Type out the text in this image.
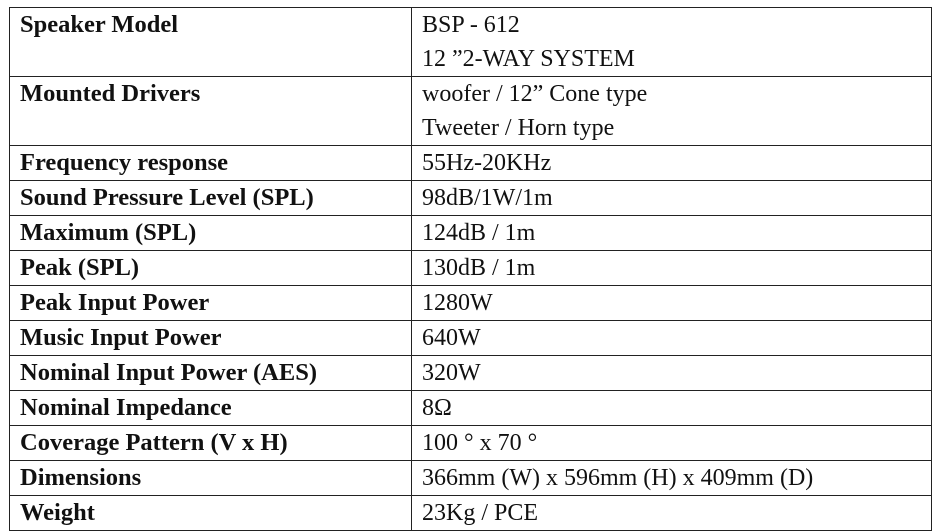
Speaker Model	BSP - 612
12 ”2-WAY SYSTEM

Mounted Drivers	woofer / 12” Cone type
Tweeter / Horn type

Frequency response	55Hz-20KHz
Sound Pressure Level (SPL)	98dB/1W/1m
Maximum (SPL)	124dB / 1m
Peak (SPL)	130dB / 1m
Peak Input Power	1280W
Music Input Power	640W
Nominal Input Power (AES)	320W
Nominal Impedance	8Ω
Coverage Pattern (V x H)	100 ° x 70 °
Dimensions	366mm (W) x 596mm (H) x 409mm (D)
Weight	23Kg / PCE
